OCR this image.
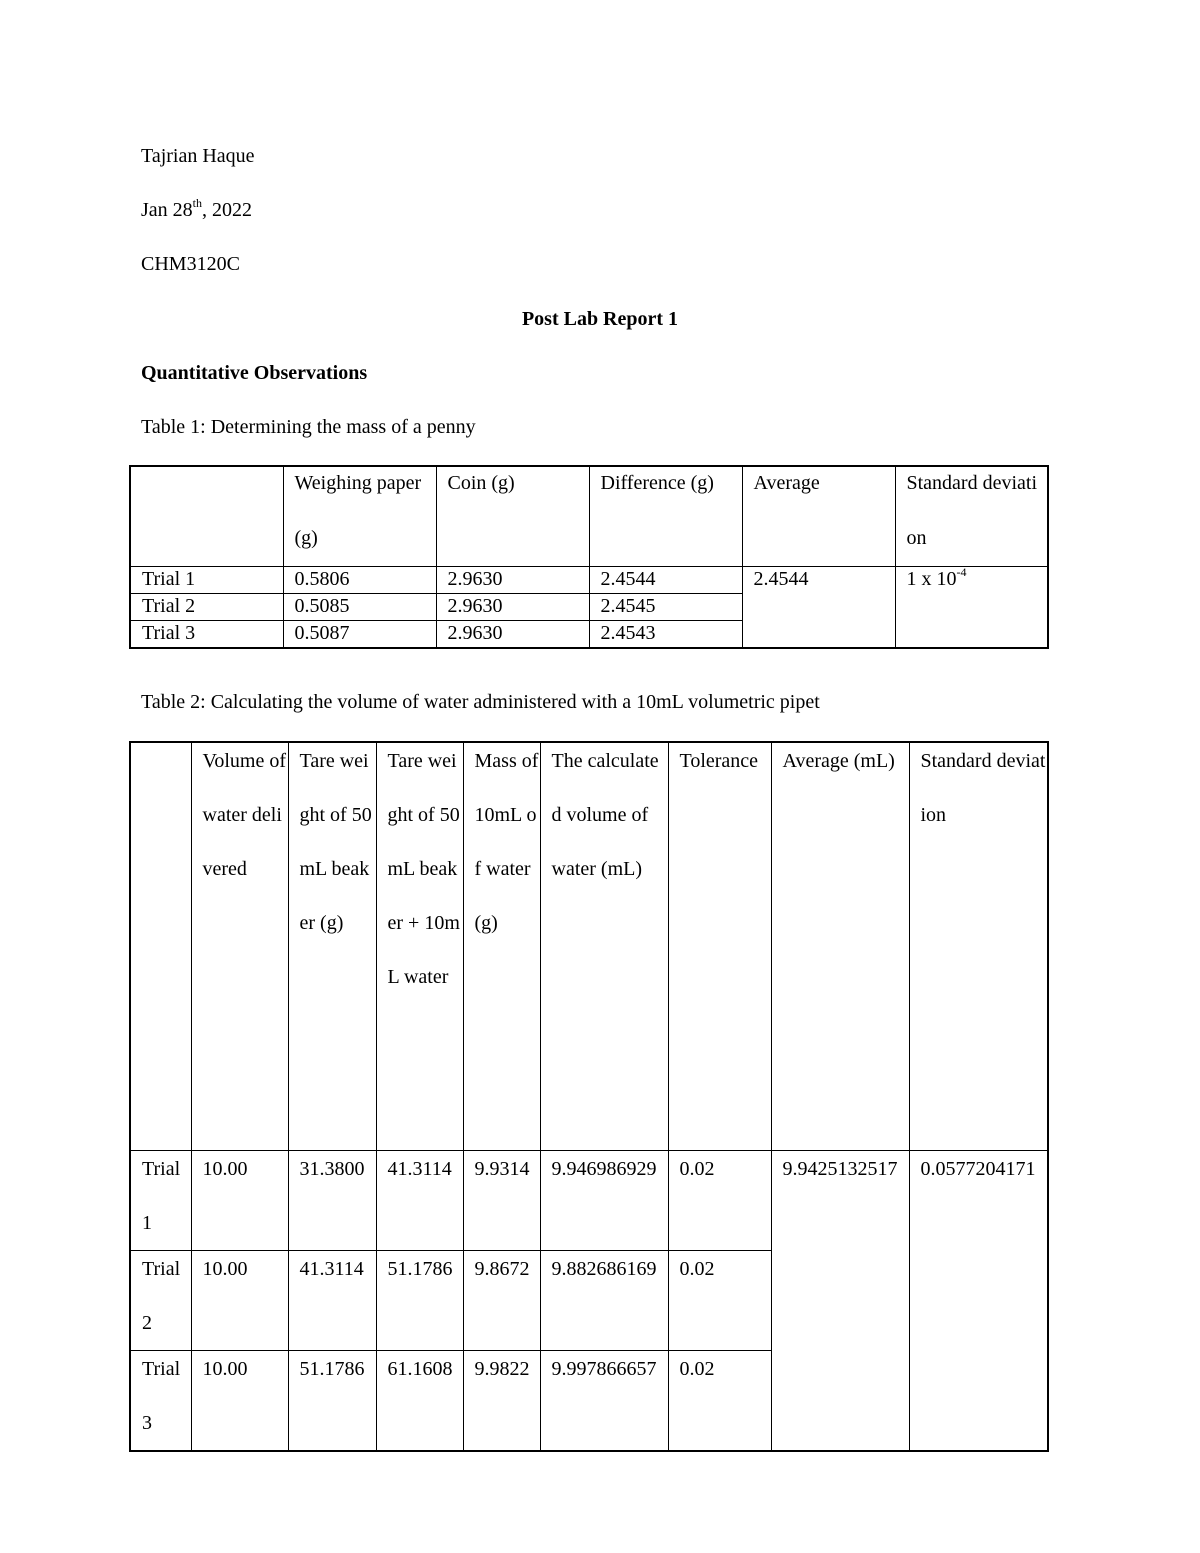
Tajrian Haque
Jan 28th, 2022
CHM3120C
Post Lab Report 1
Quantitative Observations
Table 1: Determining the mass of a penny

	Weighing paper (g)	Coin (g)	Difference (g)	Average	Standard deviation

Trial 1	0.5806	2.9630	2.4544	2.4544	1 x $10^{-4}$
Trial 2	0.5085	2.9630	2.4545		
Trial 3	0.5087	2.9630	2.4543		
Table 2: Calculating the volume of water administered with a 10mL volumetric pipet

	Volume of water delivered	Tare weight of 50mL beaker (g)	Tare weight of 50mL beaker + 10mL water	Mass of 10mL of water (g)	The calculated volume of water (mL)	Tolerance	Average (mL)	Standard deviation

Trial 1	10.00	31.3800	41.3114	9.9314	9.946986929	0.02	9.9425132517	0.0577204171

Trial 2	10.00	41.3114	51.1786	9.8672	9.882686169	0.02		

Trial 3	10.00	51.1786	61.1608	9.9822	9.997866657	0.02		
